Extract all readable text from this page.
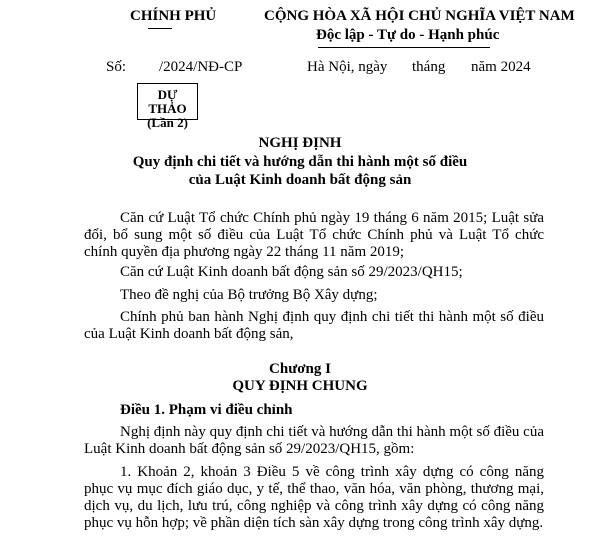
CHÍNH PHỦ	CỘNG HÒA XÃ HỘI CHỦ NGHĨA VIỆT NAM
Độc lập - Tự do - Hạnh phúc
Số: /2024/NĐ-CP	Hà Nội, ngày tháng năm 2024
DỰ THẢO
(Lần 2)
NGHỊ ĐỊNH
Quy định chi tiết và hướng dẫn thi hành một số điều
của Luật Kinh doanh bất động sản

Căn cứ Luật Tổ chức Chính phủ ngày 19 tháng 6 năm 2015; Luật sửa đổi, bổ sung một số điều của Luật Tổ chức Chính phủ và Luật Tổ chức chính quyền địa phương ngày 22 tháng 11 năm 2019;

Căn cứ Luật Kinh doanh bất động sản số 29/2023/QH15;

Theo đề nghị của Bộ trưởng Bộ Xây dựng;

Chính phủ ban hành Nghị định quy định chi tiết thi hành một số điều của Luật Kinh doanh bất động sản,

Chương I
QUY ĐỊNH CHUNG
Điều 1. Phạm vi điều chỉnh

Nghị định này quy định chi tiết và hướng dẫn thi hành một số điều của Luật Kinh doanh bất động sản số 29/2023/QH15, gồm:

1. Khoản 2, khoản 3 Điều 5 về công trình xây dựng có công năng phục vụ mục đích giáo dục, y tế, thể thao, văn hóa, văn phòng, thương mại, dịch vụ, du lịch, lưu trú, công nghiệp và công trình xây dựng có công năng phục vụ hỗn hợp; về phần diện tích sàn xây dựng trong công trình xây dựng.
